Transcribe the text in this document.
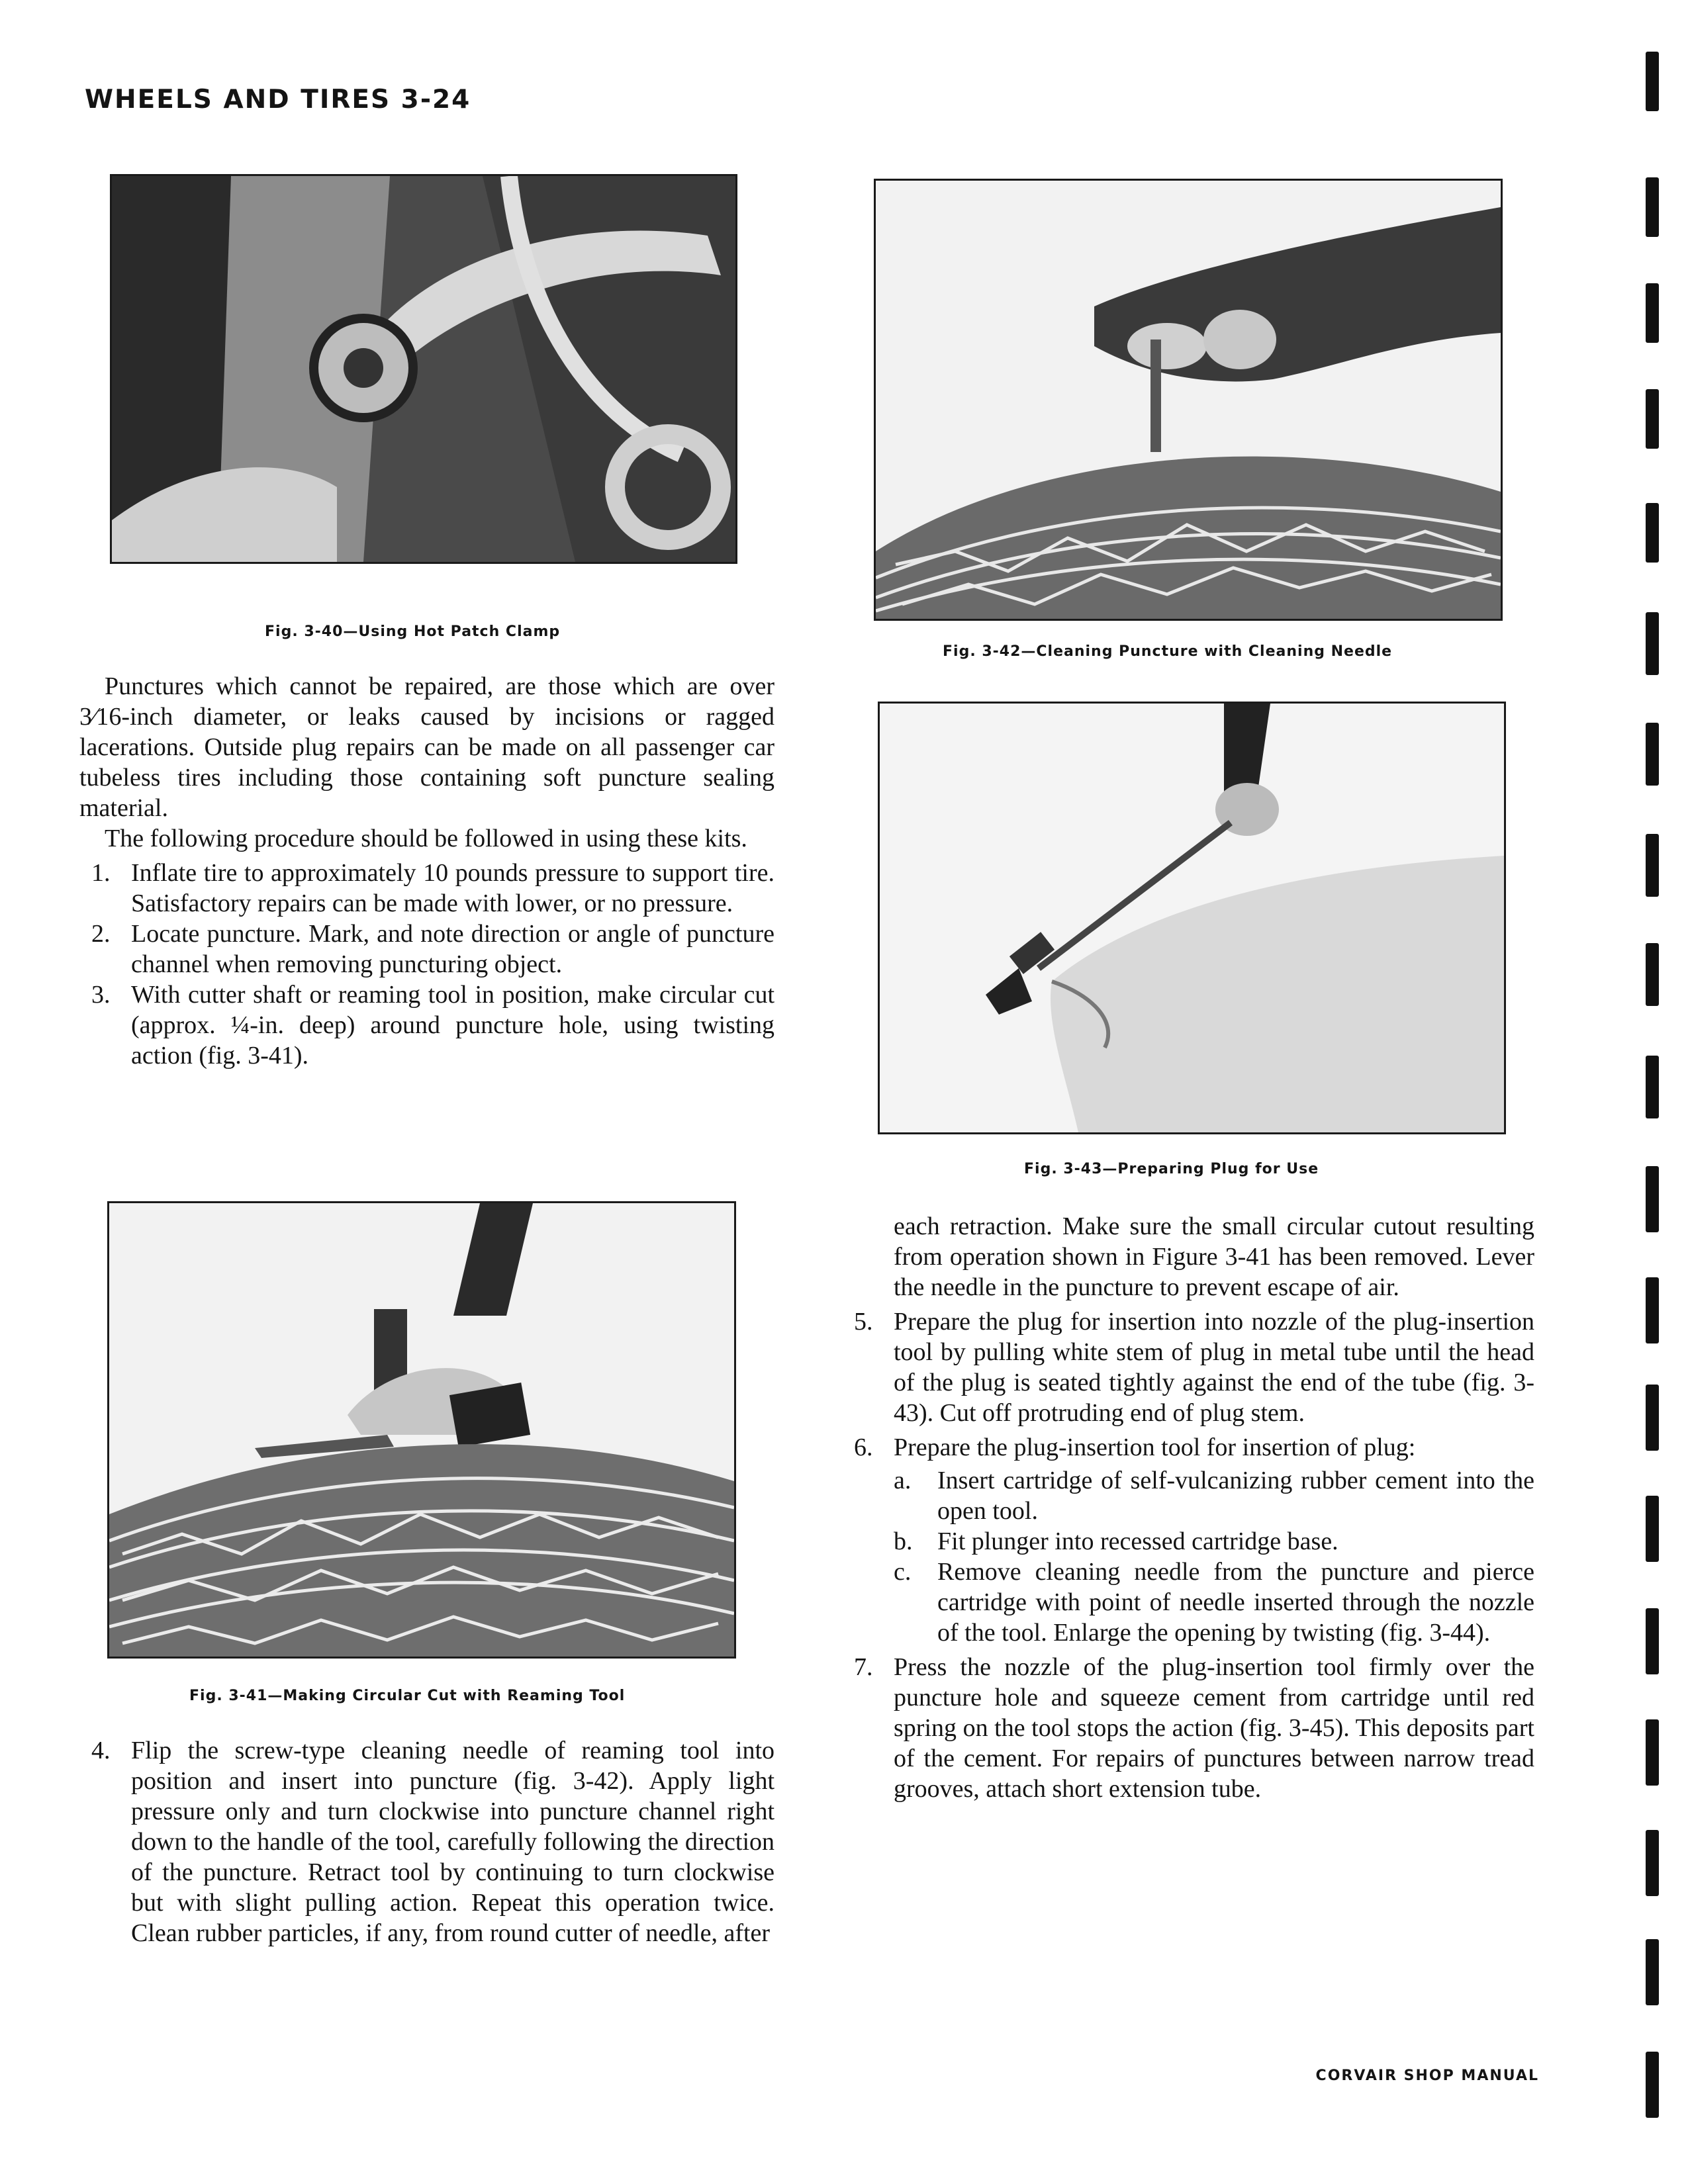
WHEELS AND TIRES 3-24
CORVAIR SHOP MANUAL
Fig. 3-40—Using Hot Patch Clamp
Fig. 3-42—Cleaning Puncture with Cleaning Needle
Fig. 3-43—Preparing Plug for Use
Fig. 3-41—Making Circular Cut with Reaming Tool

Punctures which cannot be repaired, are those which are over 3⁄16-inch diameter, or leaks caused by incisions or ragged lacerations. Outside plug repairs can be made on all passenger car tubeless tires including those containing soft puncture sealing material.

The following procedure should be followed in using these kits.

1. Inflate tire to approximately 10 pounds pressure to support tire. Satisfactory repairs can be made with lower, or no pressure.
2. Locate puncture. Mark, and note direction or angle of puncture channel when removing puncturing object.
3. With cutter shaft or reaming tool in position, make circular cut (approx. ¼-in. deep) around puncture hole, using twisting action (fig. 3-41).
4. Flip the screw-type cleaning needle of reaming tool into position and insert into puncture (fig. 3-42). Apply light pressure only and turn clockwise into puncture channel right down to the handle of the tool, carefully following the direction of the puncture. Retract tool by continuing to turn clockwise but with slight pulling action. Repeat this operation twice. Clean rubber particles, if any, from round cutter of needle, after

each retraction. Make sure the small circular cutout resulting from operation shown in Figure 3-41 has been removed. Lever the needle in the puncture to prevent escape of air.

5. Prepare the plug for insertion into nozzle of the plug-insertion tool by pulling white stem of plug in metal tube until the head of the plug is seated tightly against the end of the tube (fig. 3-43). Cut off protruding end of plug stem.
6. Prepare the plug-insertion tool for insertion of plug:
a. Insert cartridge of self-vulcanizing rubber cement into the open tool.
b. Fit plunger into recessed cartridge base.
c. Remove cleaning needle from the puncture and pierce cartridge with point of needle inserted through the nozzle of the tool. Enlarge the opening by twisting (fig. 3-44).
7. Press the nozzle of the plug-insertion tool firmly over the puncture hole and squeeze cement from cartridge until red spring on the tool stops the action (fig. 3-45). This deposits part of the cement. For repairs of punctures between narrow tread grooves, attach short extension tube.
